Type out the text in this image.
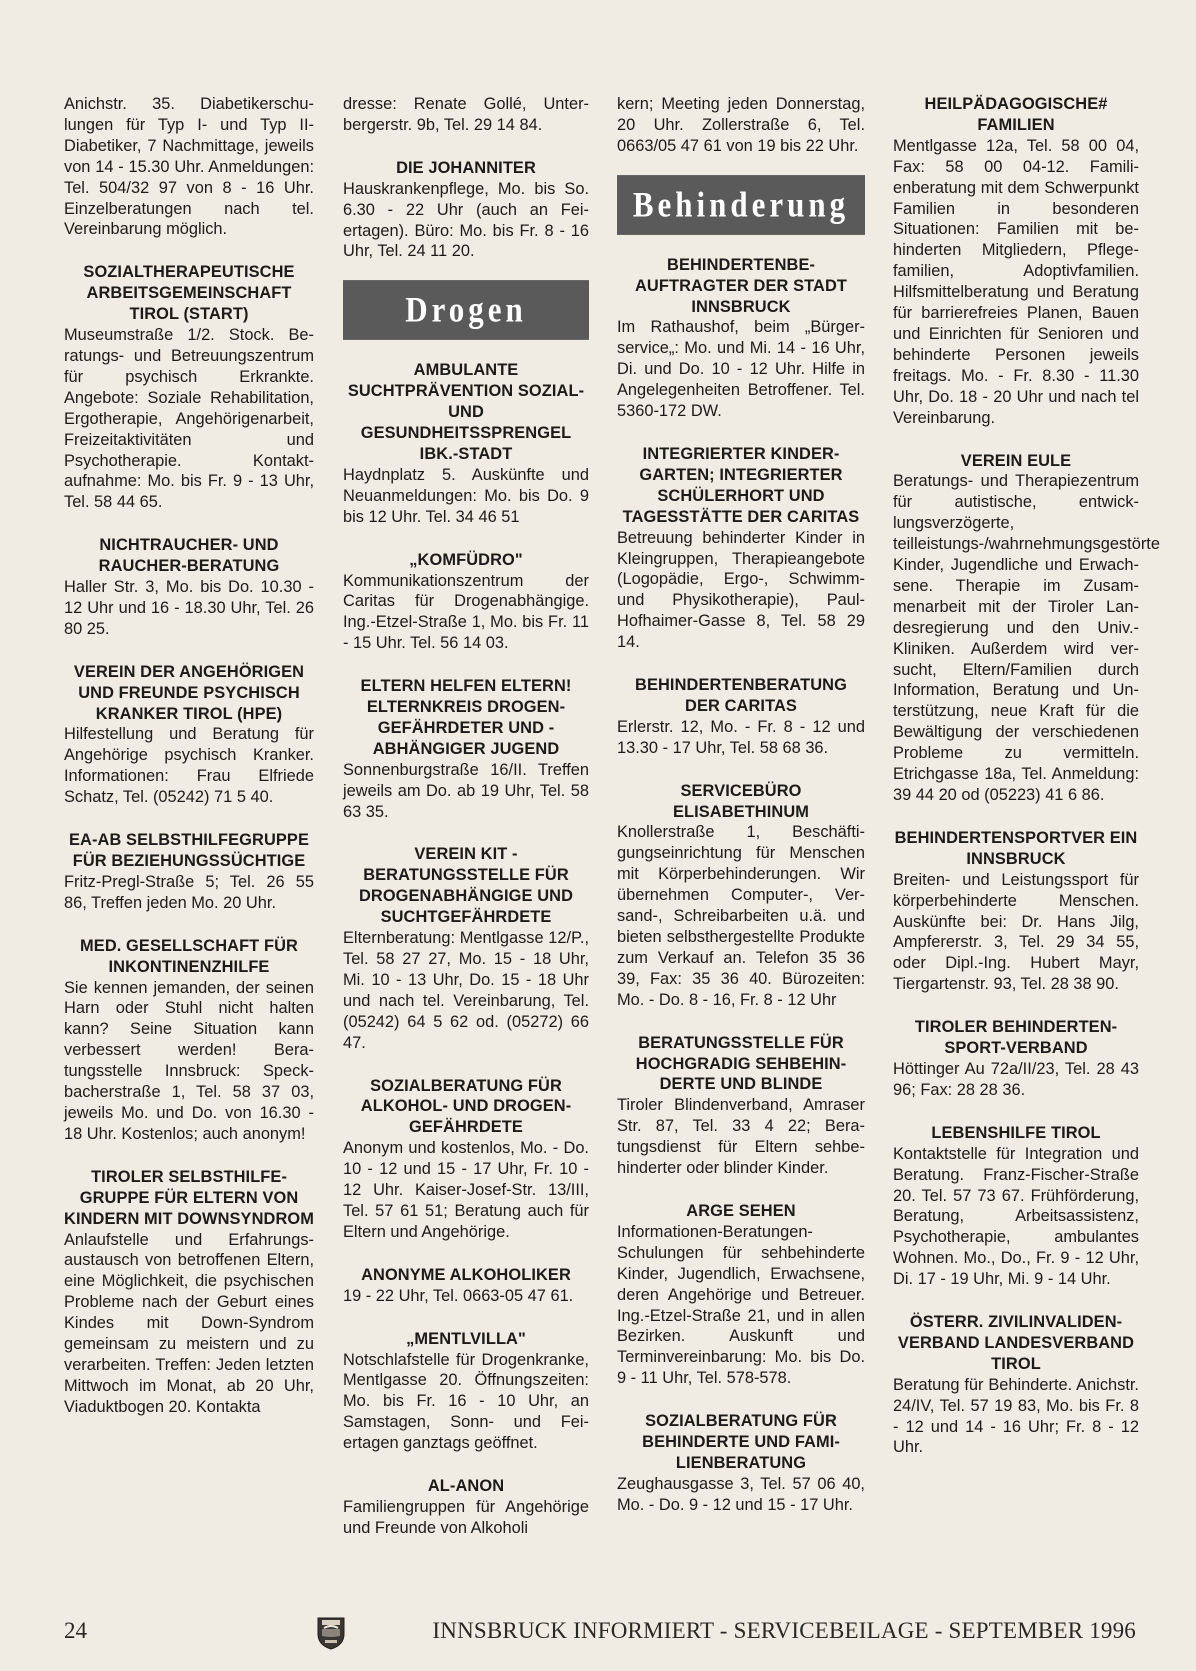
Anichstr. 35. Diabetikerschulungen für Typ I- und Typ II-Diabetiker, 7 Nachmittage, jeweils von 14 - 15.30 Uhr. Anmeldungen: Tel. 504/32 97 von 8 - 16 Uhr. Einzelberatungen nach tel. Vereinbarung möglich.

SOZIALTHERAPEUTISCHE ARBEITSGEMEINSCHAFT TIROL (START)

Museumstraße 1/2. Stock. Beratungs- und Betreuungszentrum für psychisch Erkrankte. Angebote: Soziale Rehabilitation, Ergotherapie, Angehörigenarbeit, Freizeitaktivitäten und Psychotherapie. Kontaktaufnahme: Mo. bis Fr. 9 - 13 Uhr, Tel. 58 44 65.

NICHTRAUCHER- UND RAUCHER-BERATUNG

Haller Str. 3, Mo. bis Do. 10.30 - 12 Uhr und 16 - 18.30 Uhr, Tel. 26 80 25.

VEREIN DER ANGEHÖRIGEN UND FREUNDE PSYCHISCH KRANKER TIROL (HPE)

Hilfestellung und Beratung für Angehörige psychisch Kranker. Informationen: Frau Elfriede Schatz, Tel. (05242) 71 5 40.

EA-AB SELBSTHILFEGRUPPE FÜR BEZIEHUNGSSÜCHTIGE

Fritz-Pregl-Straße 5; Tel. 26 55 86, Treffen jeden Mo. 20 Uhr.

MED. GESELLSCHAFT FÜR INKONTINENZHILFE

Sie kennen jemanden, der seinen Harn oder Stuhl nicht halten kann? Seine Situation kann verbessert werden! Beratungsstelle Innsbruck: Speckbacherstraße 1, Tel. 58 37 03, jeweils Mo. und Do. von 16.30 - 18 Uhr. Kostenlos; auch anonym!

TIROLER SELBSTHILFEGRUPPE FÜR ELTERN VON KINDERN MIT DOWNSYNDROM

Anlaufstelle und Erfahrungsaustausch von betroffenen Eltern, eine Möglichkeit, die psychischen Probleme nach der Geburt eines Kindes mit Down-Syndrom gemeinsam zu meistern und zu verarbeiten. Treffen: Jeden letzten Mittwoch im Monat, ab 20 Uhr, Viaduktbogen 20. Kontakta

dresse: Renate Gollé, Unterbergerstr. 9b, Tel. 29 14 84.

DIE JOHANNITER

Hauskrankenpflege, Mo. bis So. 6.30 - 22 Uhr (auch an Feiertagen). Büro: Mo. bis Fr. 8 - 16 Uhr, Tel. 24 11 20.

Drogen
AMBULANTE SUCHTPRÄVENTION SOZIAL- UND GESUNDHEITSSPRENGEL IBK.-STADT

Haydnplatz 5. Auskünfte und Neuanmeldungen: Mo. bis Do. 9 bis 12 Uhr. Tel. 34 46 51

„KOMFÜDRO"

Kommunikationszentrum der Caritas für Drogenabhängige. Ing.-Etzel-Straße 1, Mo. bis Fr. 11 - 15 Uhr. Tel. 56 14 03.

ELTERN HELFEN ELTERN! ELTERNKREIS DROGENGEFÄHRDETER UND -ABHÄNGIGER JUGEND

Sonnenburgstraße 16/II. Treffen jeweils am Do. ab 19 Uhr, Tel. 58 63 35.

VEREIN KIT - BERATUNGSSTELLE FÜR DROGENABHÄNGIGE UND SUCHTGEFÄHRDETE

Elternberatung: Mentlgasse 12/P., Tel. 58 27 27, Mo. 15 - 18 Uhr, Mi. 10 - 13 Uhr, Do. 15 - 18 Uhr und nach tel. Vereinbarung, Tel. (05242) 64 5 62 od. (05272) 66 47.

SOZIALBERATUNG FÜR ALKOHOL- UND DROGENGEFÄHRDETE

Anonym und kostenlos, Mo. - Do. 10 - 12 und 15 - 17 Uhr, Fr. 10 - 12 Uhr. Kaiser-Josef-Str. 13/III, Tel. 57 61 51; Beratung auch für Eltern und Angehörige.

ANONYME ALKOHOLIKER

19 - 22 Uhr, Tel. 0663-05 47 61.

„MENTLVILLA"

Notschlafstelle für Drogenkranke, Mentlgasse 20. Öffnungszeiten: Mo. bis Fr. 16 - 10 Uhr, an Samstagen, Sonn- und Feiertagen ganztags geöffnet.

AL-ANON

Familiengruppen für Angehörige und Freunde von Alkoholi

kern; Meeting jeden Donnerstag, 20 Uhr. Zollerstraße 6, Tel. 0663/05 47 61 von 19 bis 22 Uhr.

Behinderung
BEHINDERTENBEAUFTRAGTER DER STADT INNSBRUCK

Im Rathaushof, beim „Bürgerservice„: Mo. und Mi. 14 - 16 Uhr, Di. und Do. 10 - 12 Uhr. Hilfe in Angelegenheiten Betroffener. Tel. 5360-172 DW.

INTEGRIERTER KINDERGARTEN; INTEGRIERTER SCHÜLERHORT UND TAGESSTÄTTE DER CARITAS

Betreuung behinderter Kinder in Kleingruppen, Therapieangebote (Logopädie, Ergo-, Schwimm- und Physikotherapie), Paul-Hofhaimer-Gasse 8, Tel. 58 29 14.

BEHINDERTENBERATUNG DER CARITAS

Erlerstr. 12, Mo. - Fr. 8 - 12 und 13.30 - 17 Uhr, Tel. 58 68 36.

SERVICEBÜRO ELISABETHINUM

Knollerstraße 1, Beschäftigungseinrichtung für Menschen mit Körperbehinderungen. Wir übernehmen Computer-, Versand-, Schreibarbeiten u.ä. und bieten selbsthergestellte Produkte zum Verkauf an. Telefon 35 36 39, Fax: 35 36 40. Bürozeiten: Mo. - Do. 8 - 16, Fr. 8 - 12 Uhr

BERATUNGSSTELLE FÜR HOCHGRADIG SEHBEHINDERTE UND BLINDE

Tiroler Blindenverband, Amraser Str. 87, Tel. 33 4 22; Beratungsdienst für Eltern sehbehinderter oder blinder Kinder.

ARGE SEHEN

Informationen-Beratungen-Schulungen für sehbehinderte Kinder, Jugendlich, Erwachsene, deren Angehörige und Betreuer. Ing.-Etzel-Straße 21, und in allen Bezirken. Auskunft und Terminvereinbarung: Mo. bis Do. 9 - 11 Uhr, Tel. 578-578.

SOZIALBERATUNG FÜR BEHINDERTE UND FAMILIENBERATUNG

Zeughausgasse 3, Tel. 57 06 40, Mo. - Do. 9 - 12 und 15 - 17 Uhr.

HEILPÄDAGOGISCHE# FAMILIEN

Mentlgasse 12a, Tel. 58 00 04, Fax: 58 00 04-12. Familienberatung mit dem Schwerpunkt Familien in besonderen Situationen: Familien mit behinderten Mitgliedern, Pflegefamilien, Adoptivfamilien. Hilfsmittelberatung und Beratung für barrierefreies Planen, Bauen und Einrichten für Senioren und behinderte Personen jeweils freitags. Mo. - Fr. 8.30 - 11.30 Uhr, Do. 18 - 20 Uhr und nach tel Vereinbarung.

VEREIN EULE

Beratungs- und Therapiezentrum für autistische, entwicklungsverzögerte, teilleistungs-/wahrnehmungsgestörte Kinder, Jugendliche und Erwachsene. Therapie im Zusammenarbeit mit der Tiroler Landesregierung und den Univ.-Kliniken. Außerdem wird versucht, Eltern/Familien durch Information, Beratung und Unterstützung, neue Kraft für die Bewältigung der verschiedenen Probleme zu vermitteln. Etrichgasse 18a, Tel. Anmeldung: 39 44 20 od (05223) 41 6 86.

BEHINDERTENSPORTVER EIN INNSBRUCK

Breiten- und Leistungssport für körperbehinderte Menschen. Auskünfte bei: Dr. Hans Jilg, Ampfererstr. 3, Tel. 29 34 55, oder Dipl.-Ing. Hubert Mayr, Tiergartenstr. 93, Tel. 28 38 90.

TIROLER BEHINDERTENSPORT-VERBAND

Höttinger Au 72a/II/23, Tel. 28 43 96; Fax: 28 28 36.

LEBENSHILFE TIROL

Kontaktstelle für Integration und Beratung. Franz-Fischer-Straße 20. Tel. 57 73 67. Frühförderung, Beratung, Arbeitsassistenz, Psychotherapie, ambulantes Wohnen. Mo., Do., Fr. 9 - 12 Uhr, Di. 17 - 19 Uhr, Mi. 9 - 14 Uhr.

ÖSTERR. ZIVILINVALIDENVERBAND LANDESVERBAND TIROL

Beratung für Behinderte. Anichstr. 24/IV, Tel. 57 19 83, Mo. bis Fr. 8 - 12 und 14 - 16 Uhr; Fr. 8 - 12 Uhr.

24	INNSBRUCK INFORMIERT - SERVICEBEILAGE - SEPTEMBER 1996
